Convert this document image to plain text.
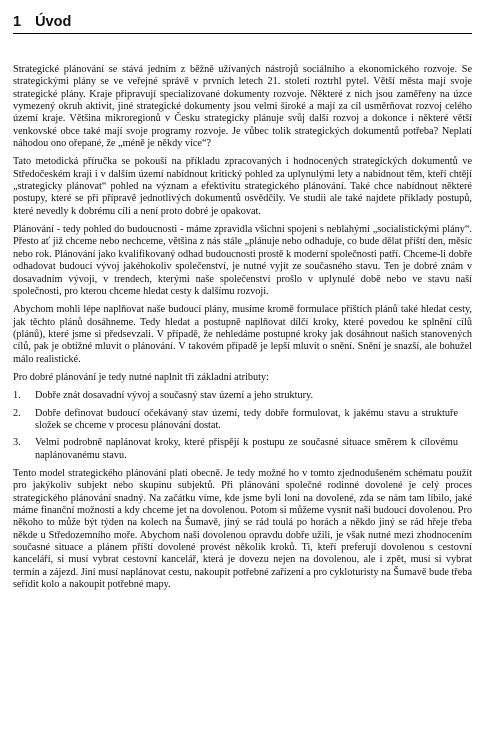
1 Úvod

Strategické plánování se stává jedním z běžně užívaných nástrojů sociálního a ekonomického rozvoje. Se strategickými plány se ve veřejné správě v prvních letech 21. století roztrhl pytel. Větší města mají svoje strategické plány. Kraje připravují specializované dokumenty rozvoje. Některé z nich jsou zaměřeny na úzce vymezený okruh aktivit, jiné strategické dokumenty jsou velmi široké a mají za cíl usměrňovat rozvoj celého území kraje. Většina mikroregionů v Česku strategicky plánuje svůj další rozvoj a dokonce i některé větší venkovské obce také mají svoje programy rozvoje. Je vůbec tolik strategických dokumentů potřeba? Neplatí náhodou ono ořepané, že „méně je někdy více“?

Tato metodická příručka se pokouší na příkladu zpracovaných i hodnocených strategických dokumentů ve Středočeském kraji i v dalším území nabídnout kritický pohled za uplynulými lety a nabídnout těm, kteří chtějí „strategicky plánovat“ pohled na význam a efektivitu strategického plánování. Také chce nabídnout některé postupy, které se při přípravě jednotlivých dokumentů osvědčily. Ve studii ale také najdete příklady postupů, které nevedly k dobrému cíli a není proto dobré je opakovat.

Plánování - tedy pohled do budoucnosti - máme zpravidla všichni spojeni s neblahými „socialistickými plány“. Přesto ať již chceme nebo nechceme, většina z nás stále „plánuje nebo odhaduje, co bude dělat příští den, měsíc nebo rok. Plánování jako kvalifikovaný odhad budoucnosti prostě k moderní společnosti patří. Chceme-li dobře odhadovat budoucí vývoj jakéhokoliv společenství, je nutné vyjít ze současného stavu. Ten je dobré znám v dosavadním vývoji, v trendech, kterými naše společenství prošlo v uplynulé době nebo ve stavu naší společnosti, pro kterou chceme hledat cesty k dalšímu rozvoji.

Abychom mohli lépe naplňovat naše budoucí plány, musíme kromě formulace příštích plánů také hledat cesty, jak těchto plánů dosáhneme. Tedy hledat a postupně naplňovat dílčí kroky, které povedou ke splnění cílů (plánů), které jsme si předsevzali. V případě, že nehledáme postupné kroky jak dosáhnout našich stanovených cílů, pak je obtížné mluvit o plánování. V takovém případě je lepší mluvit o snění. Snění je snazší, ale bohužel málo realistické.

Pro dobré plánování je tedy nutné naplnit tři základní atributy:

1.	Dobře znát dosavadní vývoj a současný stav území a jeho struktury.
2.	Dobře definovat budoucí očekávaný stav území, tedy dobře formulovat, k jakému stavu a struktuře složek se chceme v procesu plánování dostat.
3.	Velmi podrobně naplánovat kroky, které přispějí k postupu ze současné situace směrem k cílovému naplánovanému stavu.

Tento model strategického plánování platí obecně. Je tedy možné ho v tomto zjednodušeném schématu použít pro jakýkoliv subjekt nebo skupinu subjektů. Při plánování společné rodinné dovolené je celý proces strategického plánování snadný. Na začátku víme, kde jsme byli loni na dovolené, zda se nám tam líbilo, jaké máme finanční možnosti a kdy chceme jet na dovolenou. Potom si můžeme vysnít naši budoucí dovolenou. Pro někoho to může být týden na kolech na Šumavě, jiný se rád toulá po horách a někdo jiný se rád hřeje třeba někde u Středozemního moře. Abychom naši dovolenou opravdu dobře užili, je však nutné mezi zhodnocením současné situace a plánem příští dovolené provést několik kroků. Ti, kteří preferují dovolenou s cestovní kanceláří, si musí vybrat cestovní kancelář, která je dovezu nejen na dovolenou, ale i zpět, musí si vybrat termín a zájezd. Jiní musí naplánovat cestu, nakoupit potřebné zařízení a pro cykloturisty na Šumavě bude třeba seřídit kolo a nakoupit potřebné mapy.
